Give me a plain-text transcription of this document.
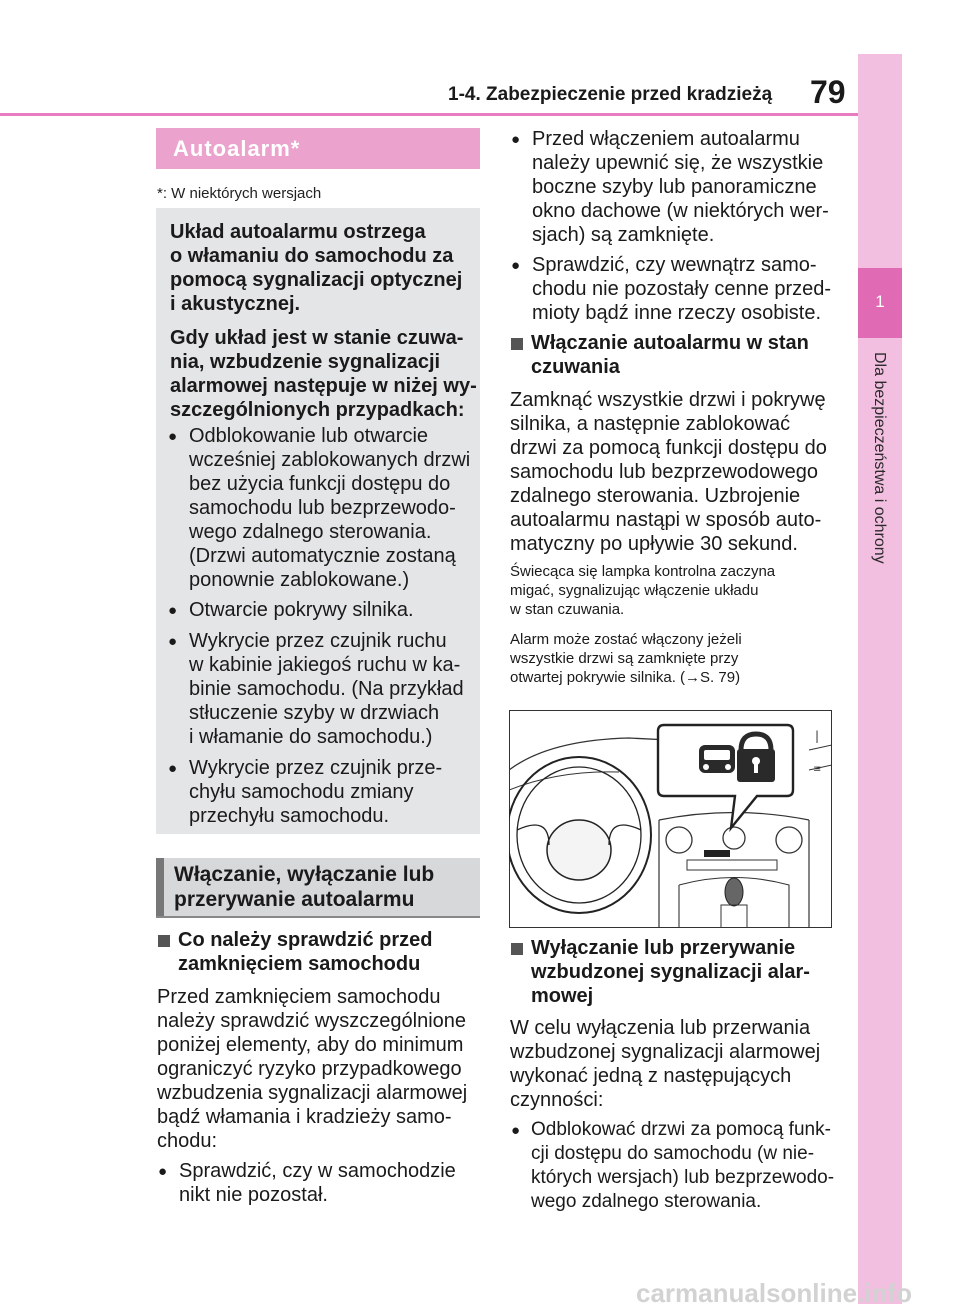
1-4. Zabezpieczenie przed kradzieżą 79
1
Dla bezpieczeństwa i ochrony
Autoalarm*
*: W niektórych wersjach
Układ autoalarmu ostrzega
o włamaniu do samochodu za
pomocą sygnalizacji optycznej
i akustycznej.
Gdy układ jest w stanie czuwa-
nia, wzbudzenie sygnalizacji
alarmowej następuje w niżej wy-
szczególnionych przypadkach:
● Odblokowanie lub otwarcie
wcześniej zablokowanych drzwi
bez użycia funkcji dostępu do
samochodu lub bezprzewodo-
wego zdalnego sterowania.
(Drzwi automatycznie zostaną
ponownie zablokowane.)
● Otwarcie pokrywy silnika.
● Wykrycie przez czujnik ruchu
w kabinie jakiegoś ruchu w ka-
binie samochodu. (Na przykład
stłuczenie szyby w drzwiach
i włamanie do samochodu.)
● Wykrycie przez czujnik prze-
chyłu samochodu zmiany
przechyłu samochodu.
Włączanie, wyłączanie lub
przerywanie autoalarmu
Co należy sprawdzić przed
zamknięciem samochodu
Przed zamknięciem samochodu
należy sprawdzić wyszczególnione
poniżej elementy, aby do minimum
ograniczyć ryzyko przypadkowego
wzbudzenia sygnalizacji alarmowej
bądź włamania i kradzieży samo-
chodu:
● Sprawdzić, czy w samochodzie
nikt nie pozostał.
● Przed włączeniem autoalarmu
należy upewnić się, że wszystkie
boczne szyby lub panoramiczne
okno dachowe (w niektórych wer-
sjach) są zamknięte.
● Sprawdzić, czy wewnątrz samo-
chodu nie pozostały cenne przed-
mioty bądź inne rzeczy osobiste.
Włączanie autoalarmu w stan
czuwania
Zamknąć wszystkie drzwi i pokrywę
silnika, a następnie zablokować
drzwi za pomocą funkcji dostępu do
samochodu lub bezprzewodowego
zdalnego sterowania. Uzbrojenie
autoalarmu nastąpi w sposób auto-
matyczny po upływie 30 sekund.
Świecąca się lampka kontrolna zaczyna
migać, sygnalizując włączenie układu
w stan czuwania.
Alarm może zostać włączony jeżeli
wszystkie drzwi są zamknięte przy
otwartej pokrywie silnika. (→S. 79)
|
≡
Wyłączanie lub przerywanie
wzbudzonej sygnalizacji alar-
mowej
W celu wyłączenia lub przerwania
wzbudzonej sygnalizacji alarmowej
wykonać jedną z następujących
czynności:
● Odblokować drzwi za pomocą funk-
cji dostępu do samochodu (w nie-
których wersjach) lub bezprzewodo-
wego zdalnego sterowania.
carmanualsonline.info
